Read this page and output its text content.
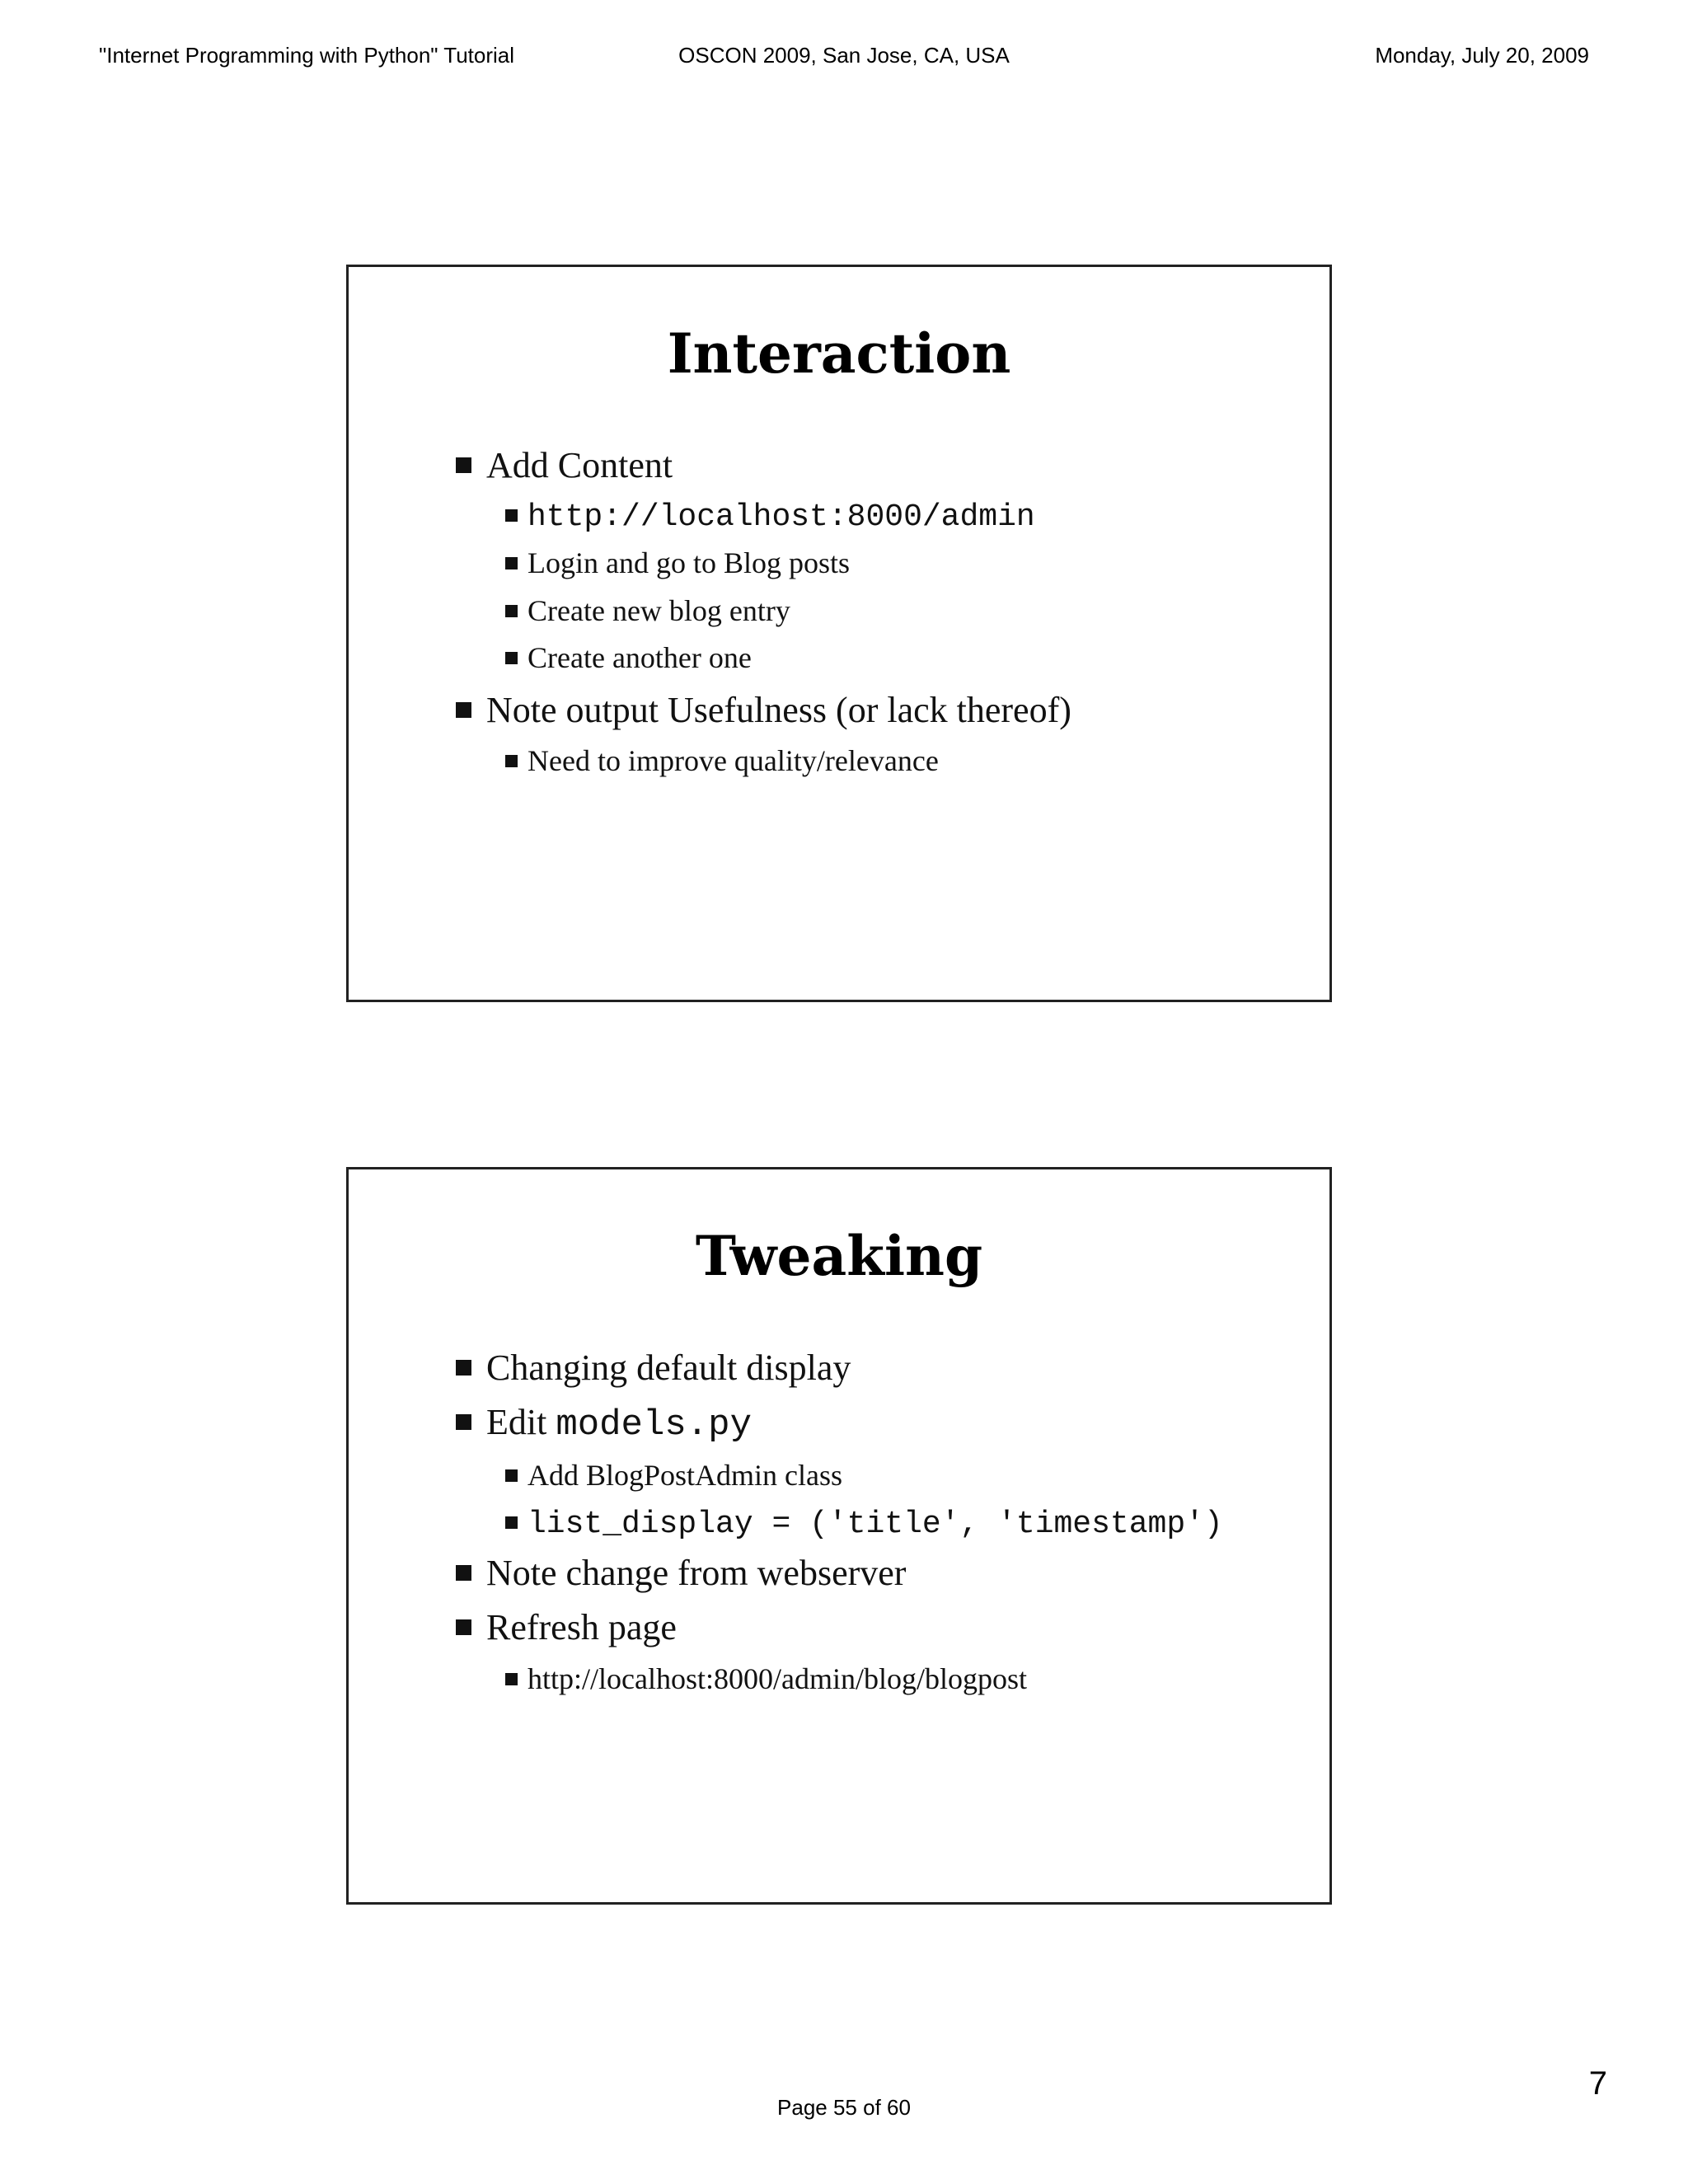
"Internet Programming with Python" Tutorial	OSCON 2009, San Jose, CA, USA	Monday, July 20, 2009
Interaction
Add Content
http://localhost:8000/admin
Login and go to Blog posts
Create new blog entry
Create another one
Note output Usefulness (or lack thereof)
Need to improve quality/relevance
Tweaking
Changing default display
Edit models.py
Add BlogPostAdmin class
list_display = ('title', 'timestamp')
Note change from webserver
Refresh page
http://localhost:8000/admin/blog/blogpost
Page 55 of 60
7
